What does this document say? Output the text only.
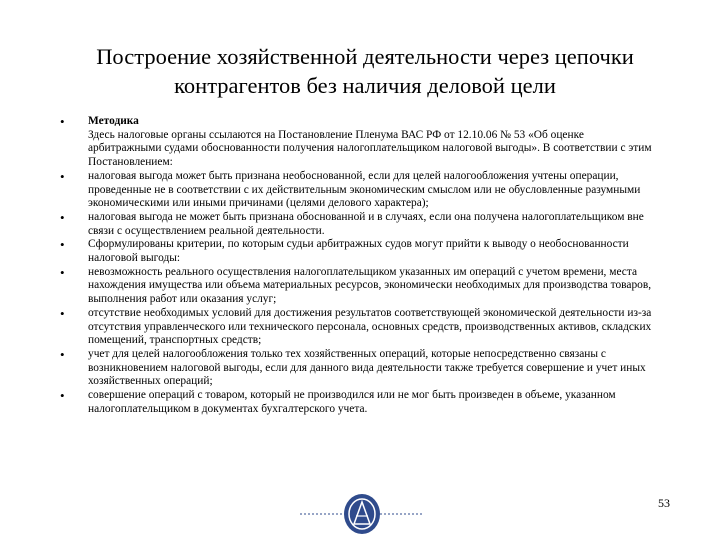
Построение хозяйственной деятельности через цепочки
контрагентов без наличия деловой цели
• Методика
Здесь налоговые органы ссылаются на Постановление Пленума ВАС РФ от 12.10.06 № 53 «Об оценке арбитражными судами обоснованности получения налогоплательщиком налоговой выгоды». В соответствии с этим Постановлением:
• налоговая выгода может быть признана необоснованной, если для целей налогообложения учтены операции, проведенные не в соответствии с их действительным экономическим смыслом или не обусловленные разумными экономическими или иными причинами (целями делового характера);
• налоговая выгода не может быть признана обоснованной и в случаях, если она получена налогоплательщиком вне связи с осуществлением реальной деятельности.
• Сформулированы критерии, по которым судьи арбитражных судов могут прийти к выводу о необоснованности налоговой выгоды:
• невозможность реального осуществления налогоплательщиком указанных им операций с учетом времени, места нахождения имущества или объема материальных ресурсов, экономически необходимых для производства товаров, выполнения работ или оказания услуг;
• отсутствие необходимых условий для достижения результатов соответствующей экономической деятельности из-за отсутствия управленческого или технического персонала, основных средств, производственных активов, складских помещений, транспортных средств;
• учет для целей налогообложения только тех хозяйственных операций, которые непосредственно связаны с возникновением налоговой выгоды, если для данного вида деятельности также требуется совершение и учет иных хозяйственных операций;
• совершение операций с товаром, который не производился или не мог быть произведен в объеме, указанном налогоплательщиком в документах бухгалтерского учета.
53
